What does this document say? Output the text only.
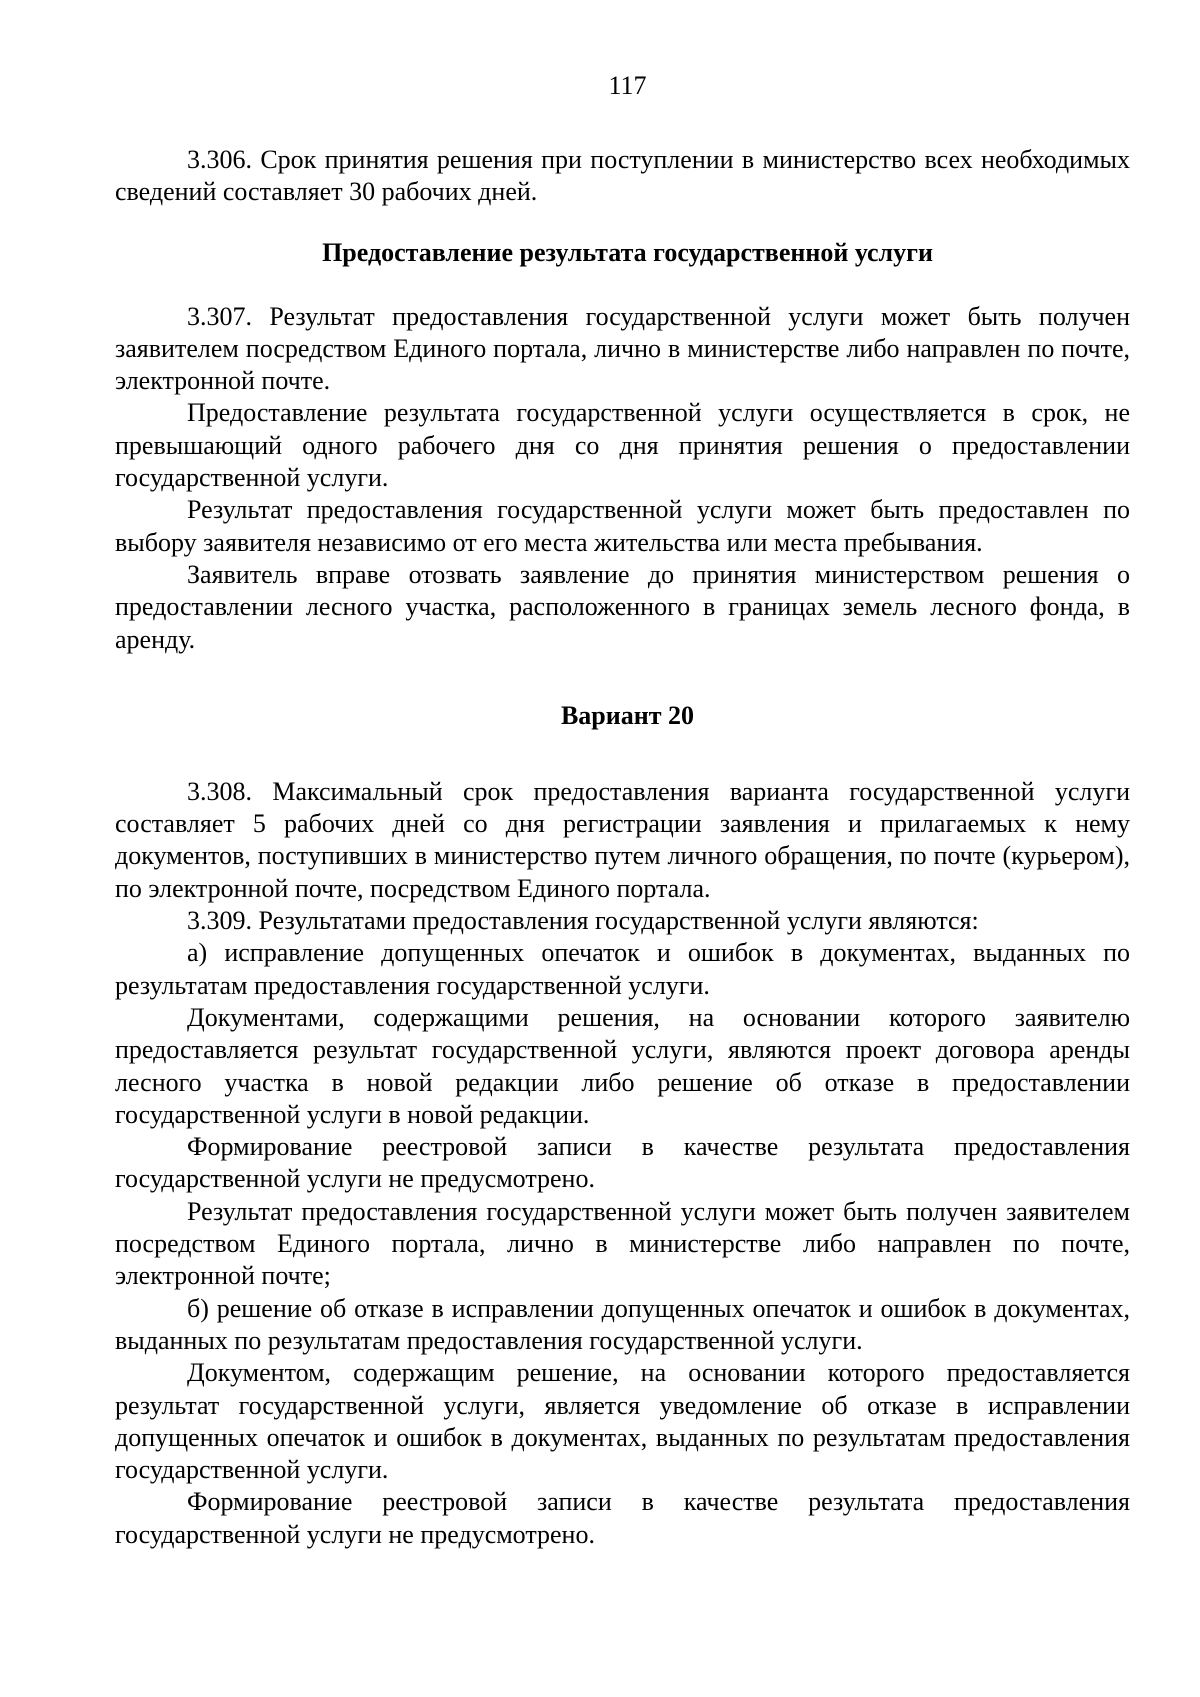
117

3.306. Срок принятия решения при поступлении в министерство всех необходимых сведений составляет 30 рабочих дней.

Предоставление результата государственной услуги

3.307. Результат предоставления государственной услуги может быть получен заявителем посредством Единого портала, лично в министерстве либо направлен по почте, электронной почте.

Предоставление результата государственной услуги осуществляется в срок, не превышающий одного рабочего дня со дня принятия решения о предоставлении государственной услуги.

Результат предоставления государственной услуги может быть предоставлен по выбору заявителя независимо от его места жительства или места пребывания.

Заявитель вправе отозвать заявление до принятия министерством решения о предоставлении лесного участка, расположенного в границах земель лесного фонда, в аренду.

Вариант 20

3.308. Максимальный срок предоставления варианта государственной услуги составляет 5 рабочих дней со дня регистрации заявления и прилагаемых к нему документов, поступивших в министерство путем личного обращения, по почте (курьером), по электронной почте, посредством Единого портала.

3.309. Результатами предоставления государственной услуги являются:

а) исправление допущенных опечаток и ошибок в документах, выданных по результатам предоставления государственной услуги.

Документами, содержащими решения, на основании которого заявителю предоставляется результат государственной услуги, являются проект договора аренды лесного участка в новой редакции либо решение об отказе в предоставлении государственной услуги в новой редакции.

Формирование реестровой записи в качестве результата предоставления государственной услуги не предусмотрено.

Результат предоставления государственной услуги может быть получен заявителем посредством Единого портала, лично в министерстве либо направлен по почте, электронной почте;

б) решение об отказе в исправлении допущенных опечаток и ошибок в документах, выданных по результатам предоставления государственной услуги.

Документом, содержащим решение, на основании которого предоставляется результат государственной услуги, является уведомление об отказе в исправлении допущенных опечаток и ошибок в документах, выданных по результатам предоставления государственной услуги.

Формирование реестровой записи в качестве результата предоставления государственной услуги не предусмотрено.
